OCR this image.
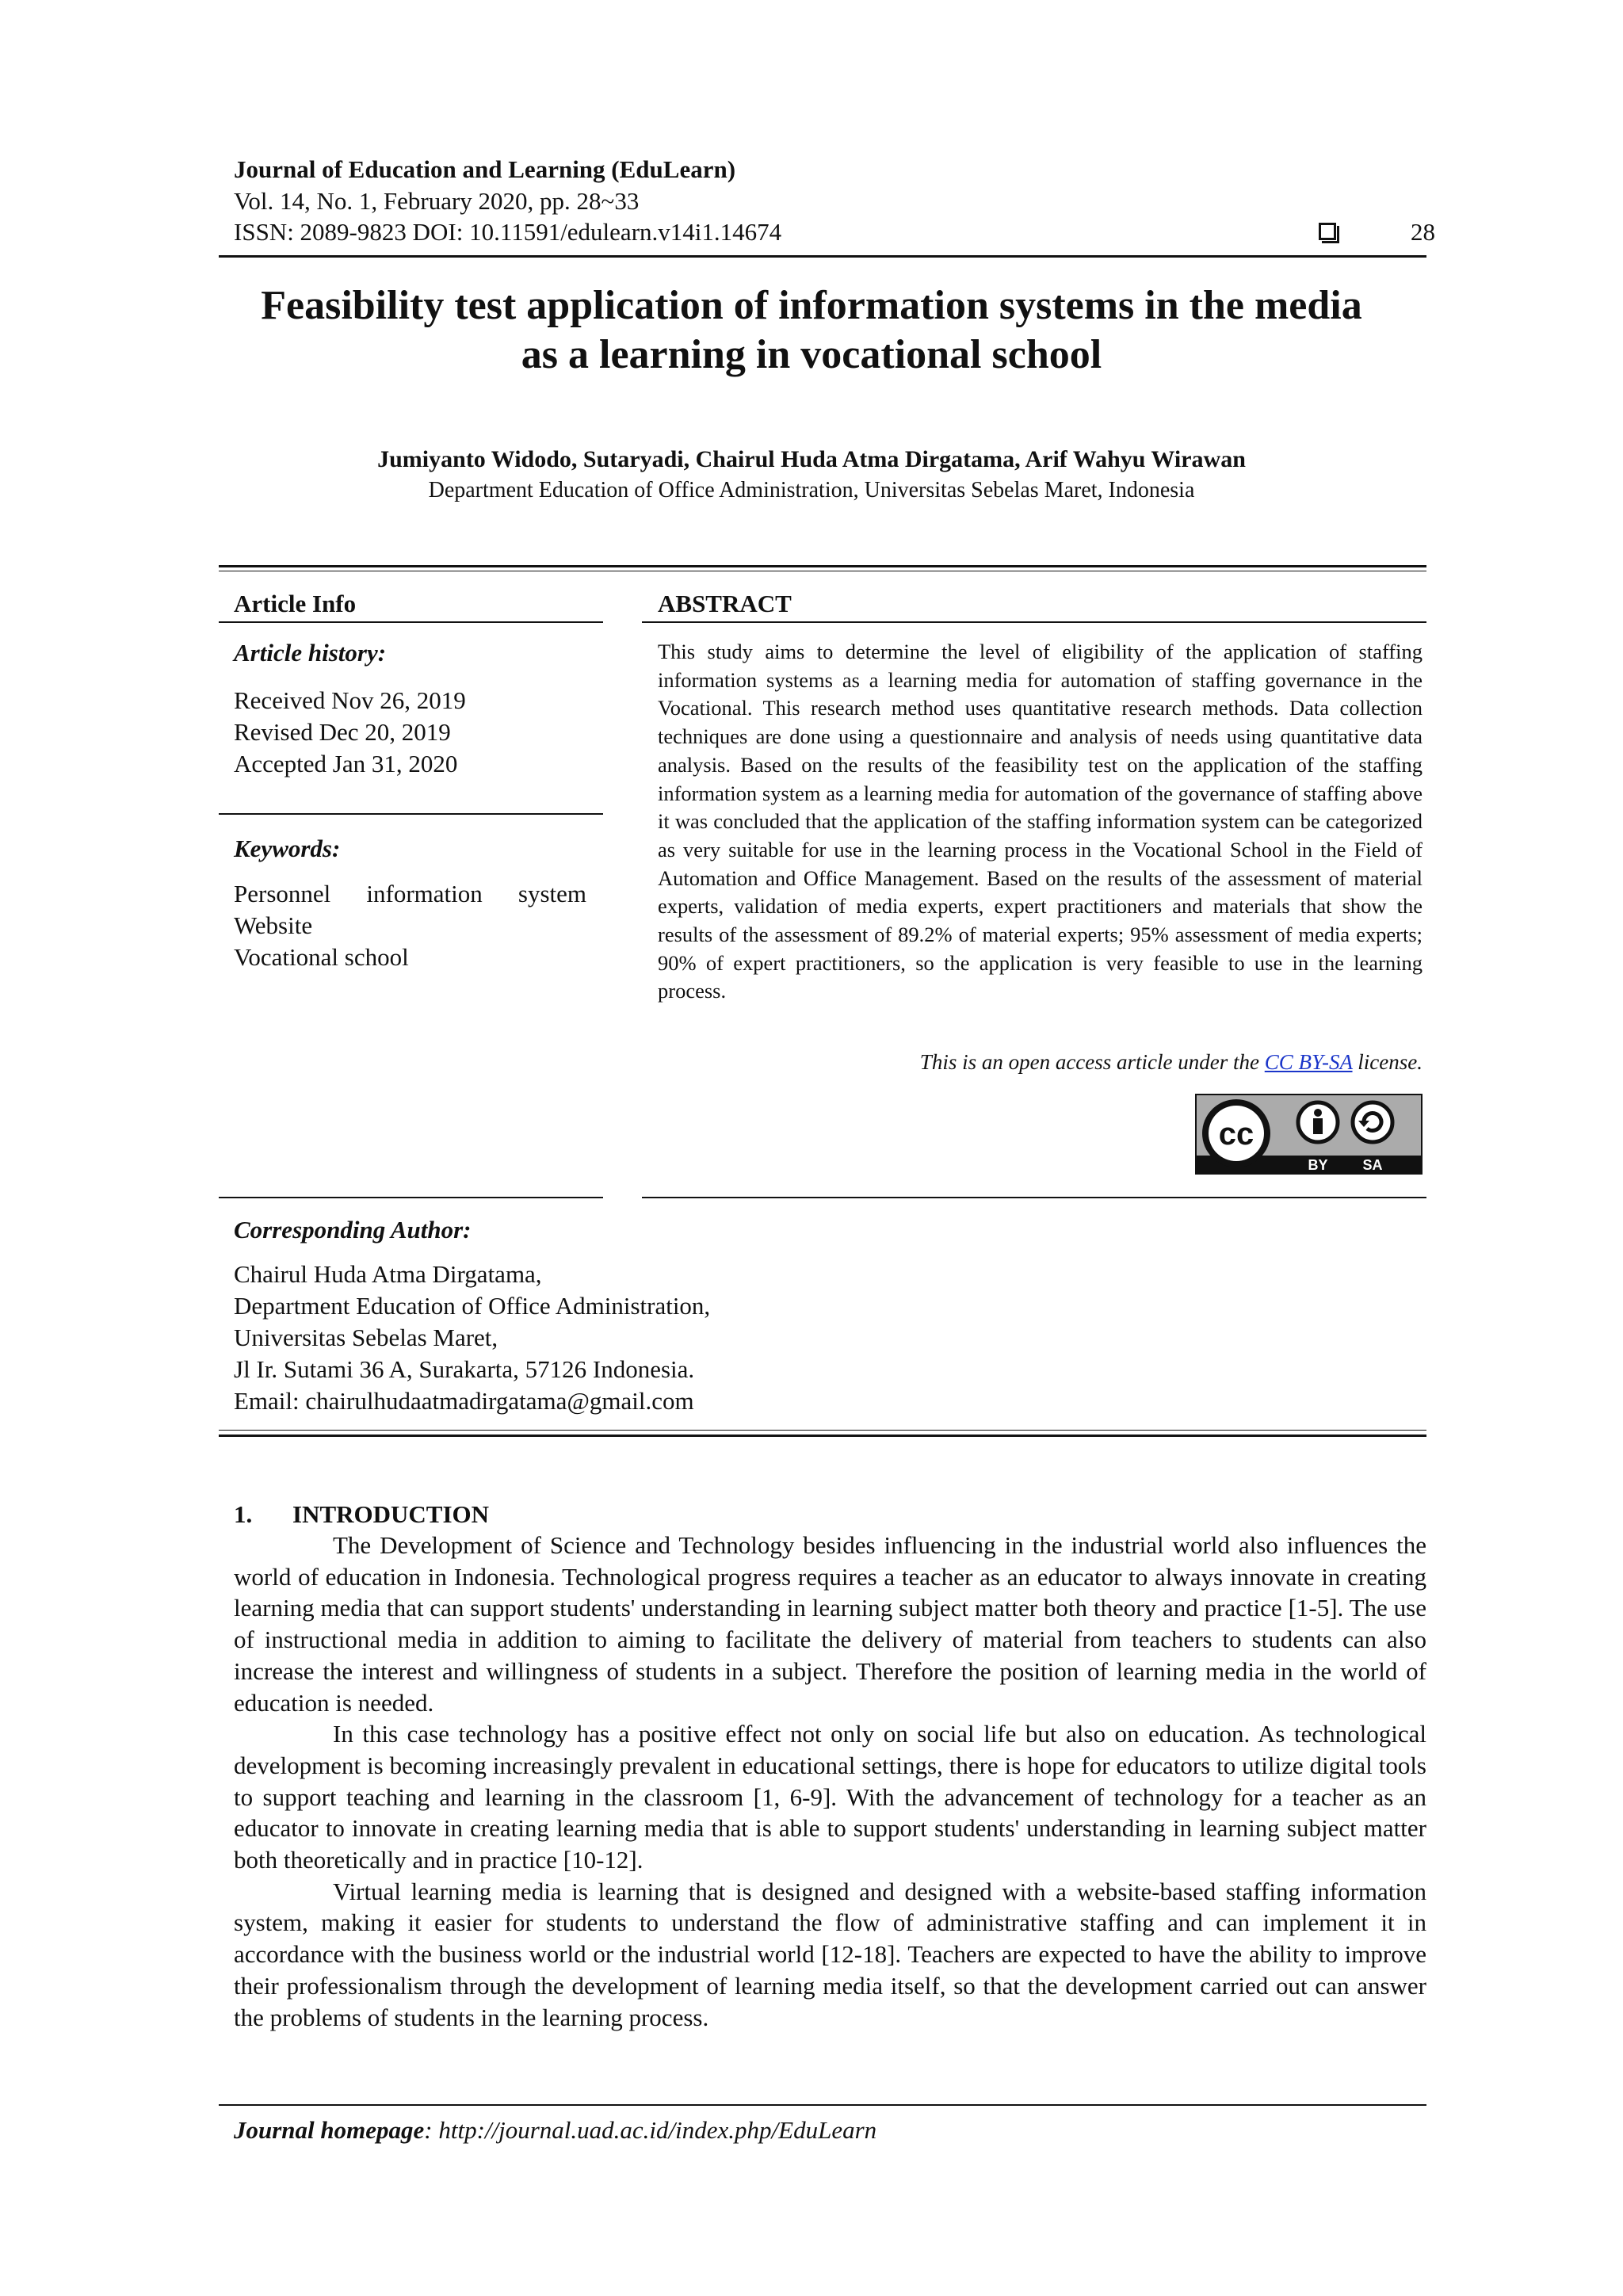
Journal of Education and Learning (EduLearn)
Vol. 14, No. 1, February 2020, pp. 28~33
ISSN: 2089-9823 DOI: 10.11591/edulearn.v14i1.14674	28
Feasibility test application of information systems in the media
as a learning in vocational school
Jumiyanto Widodo, Sutaryadi, Chairul Huda Atma Dirgatama, Arif Wahyu Wirawan
Department Education of Office Administration, Universitas Sebelas Maret, Indonesia
Article Info
Article history:
Received Nov 26, 2019
Revised Dec 20, 2019
Accepted Jan 31, 2020
Keywords:
Personnel information system
Website
Vocational school
ABSTRACT
This study aims to determine the level of eligibility of the application of staffing information systems as a learning media for automation of staffing governance in the Vocational. This research method uses quantitative research methods. Data collection techniques are done using a questionnaire and analysis of needs using quantitative data analysis. Based on the results of the feasibility test on the application of the staffing information system as a learning media for automation of the governance of staffing above it was concluded that the application of the staffing information system can be categorized as very suitable for use in the learning process in the Vocational School in the Field of Automation and Office Management. Based on the results of the assessment of material experts, validation of media experts, expert practitioners and materials that show the results of the assessment of 89.2% of material experts; 95% assessment of media experts; 90% of expert practitioners, so the application is very feasible to use in the learning process.
This is an open access article under the CC BY-SA license.
cc
BY SA
Corresponding Author:
Chairul Huda Atma Dirgatama,
Department Education of Office Administration,
Universitas Sebelas Maret,
Jl Ir. Sutami 36 A, Surakarta, 57126 Indonesia.
Email: chairulhudaatmadirgatama@gmail.com
1. INTRODUCTION

The Development of Science and Technology besides influencing in the industrial world also influences the world of education in Indonesia. Technological progress requires a teacher as an educator to always innovate in creating learning media that can support students' understanding in learning subject matter both theory and practice [1-5]. The use of instructional media in addition to aiming to facilitate the delivery of material from teachers to students can also increase the interest and willingness of students in a subject. Therefore the position of learning media in the world of education is needed.

In this case technology has a positive effect not only on social life but also on education. As technological development is becoming increasingly prevalent in educational settings, there is hope for educators to utilize digital tools to support teaching and learning in the classroom [1, 6-9]. With the advancement of technology for a teacher as an educator to innovate in creating learning media that is able to support students' understanding in learning subject matter both theoretically and in practice [10-12].

Virtual learning media is learning that is designed and designed with a website-based staffing information system, making it easier for students to understand the flow of administrative staffing and can implement it in accordance with the business world or the industrial world [12-18]. Teachers are expected to have the ability to improve their professionalism through the development of learning media itself, so that the development carried out can answer the problems of students in the learning process.

Journal homepage: http://journal.uad.ac.id/index.php/EduLearn
